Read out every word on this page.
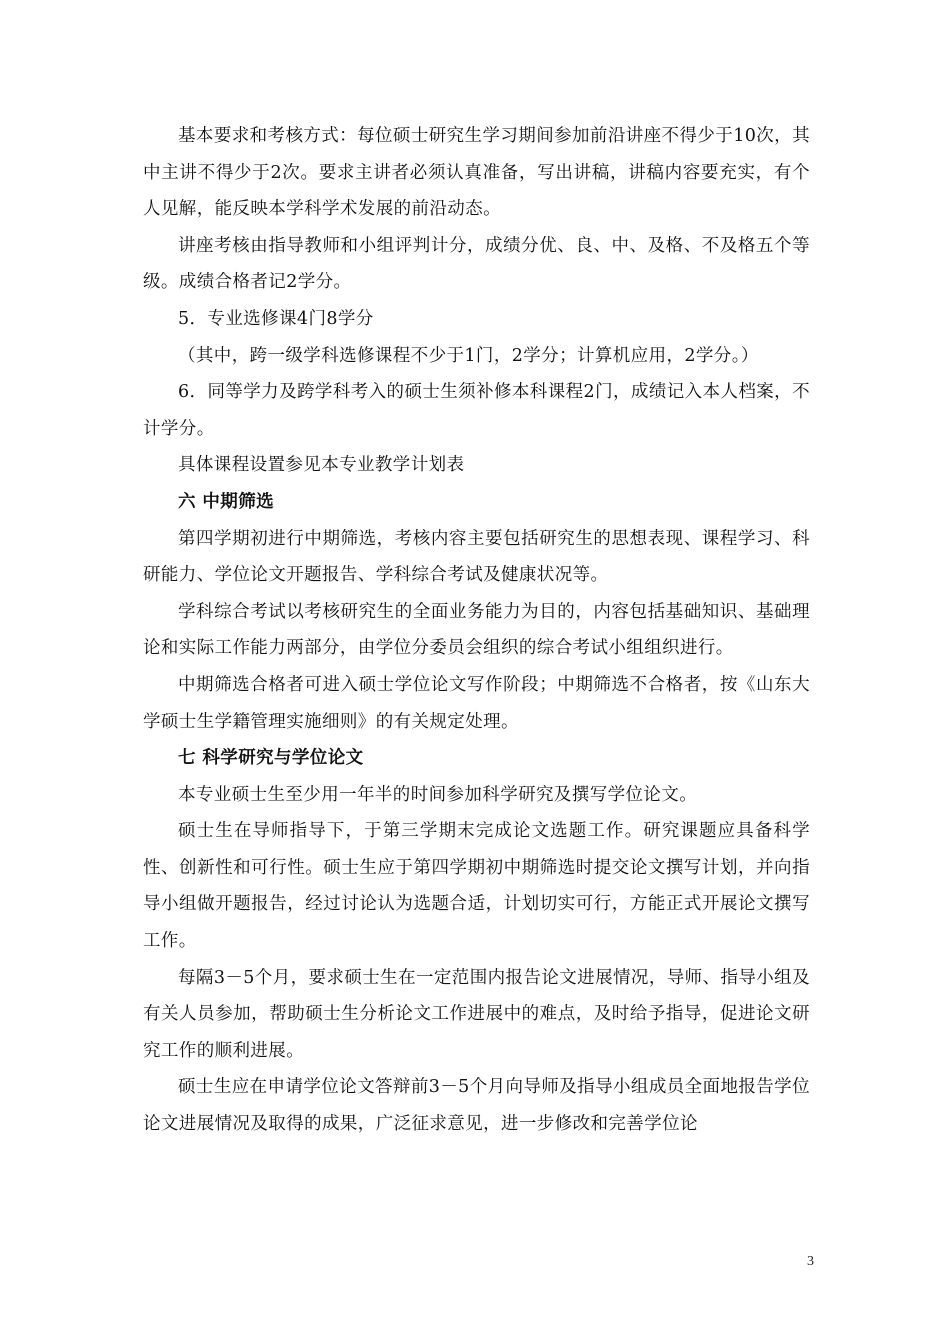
基本要求和考核方式：每位硕士研究生学习期间参加前沿讲座不得少于10次，其中主讲不得少于2次。要求主讲者必须认真准备，写出讲稿，讲稿内容要充实，有个人见解，能反映本学科学术发展的前沿动态。

讲座考核由指导教师和小组评判计分，成绩分优、良、中、及格、不及格五个等级。成绩合格者记2学分。

5．专业选修课4门8学分

（其中，跨一级学科选修课程不少于1门，2学分；计算机应用，2学分。）

6．同等学力及跨学科考入的硕士生须补修本科课程2门，成绩记入本人档案，不计学分。

具体课程设置参见本专业教学计划表

六 中期筛选

第四学期初进行中期筛选，考核内容主要包括研究生的思想表现、课程学习、科研能力、学位论文开题报告、学科综合考试及健康状况等。

学科综合考试以考核研究生的全面业务能力为目的，内容包括基础知识、基础理论和实际工作能力两部分，由学位分委员会组织的综合考试小组组织进行。

中期筛选合格者可进入硕士学位论文写作阶段；中期筛选不合格者，按《山东大学硕士生学籍管理实施细则》的有关规定处理。

七 科学研究与学位论文

本专业硕士生至少用一年半的时间参加科学研究及撰写学位论文。

硕士生在导师指导下，于第三学期末完成论文选题工作。研究课题应具备科学性、创新性和可行性。硕士生应于第四学期初中期筛选时提交论文撰写计划，并向指导小组做开题报告，经过讨论认为选题合适，计划切实可行，方能正式开展论文撰写工作。

每隔3－5个月，要求硕士生在一定范围内报告论文进展情况，导师、指导小组及有关人员参加，帮助硕士生分析论文工作进展中的难点，及时给予指导，促进论文研究工作的顺利进展。

硕士生应在申请学位论文答辩前3－5个月向导师及指导小组成员全面地报告学位论文进展情况及取得的成果，广泛征求意见，进一步修改和完善学位论

3
